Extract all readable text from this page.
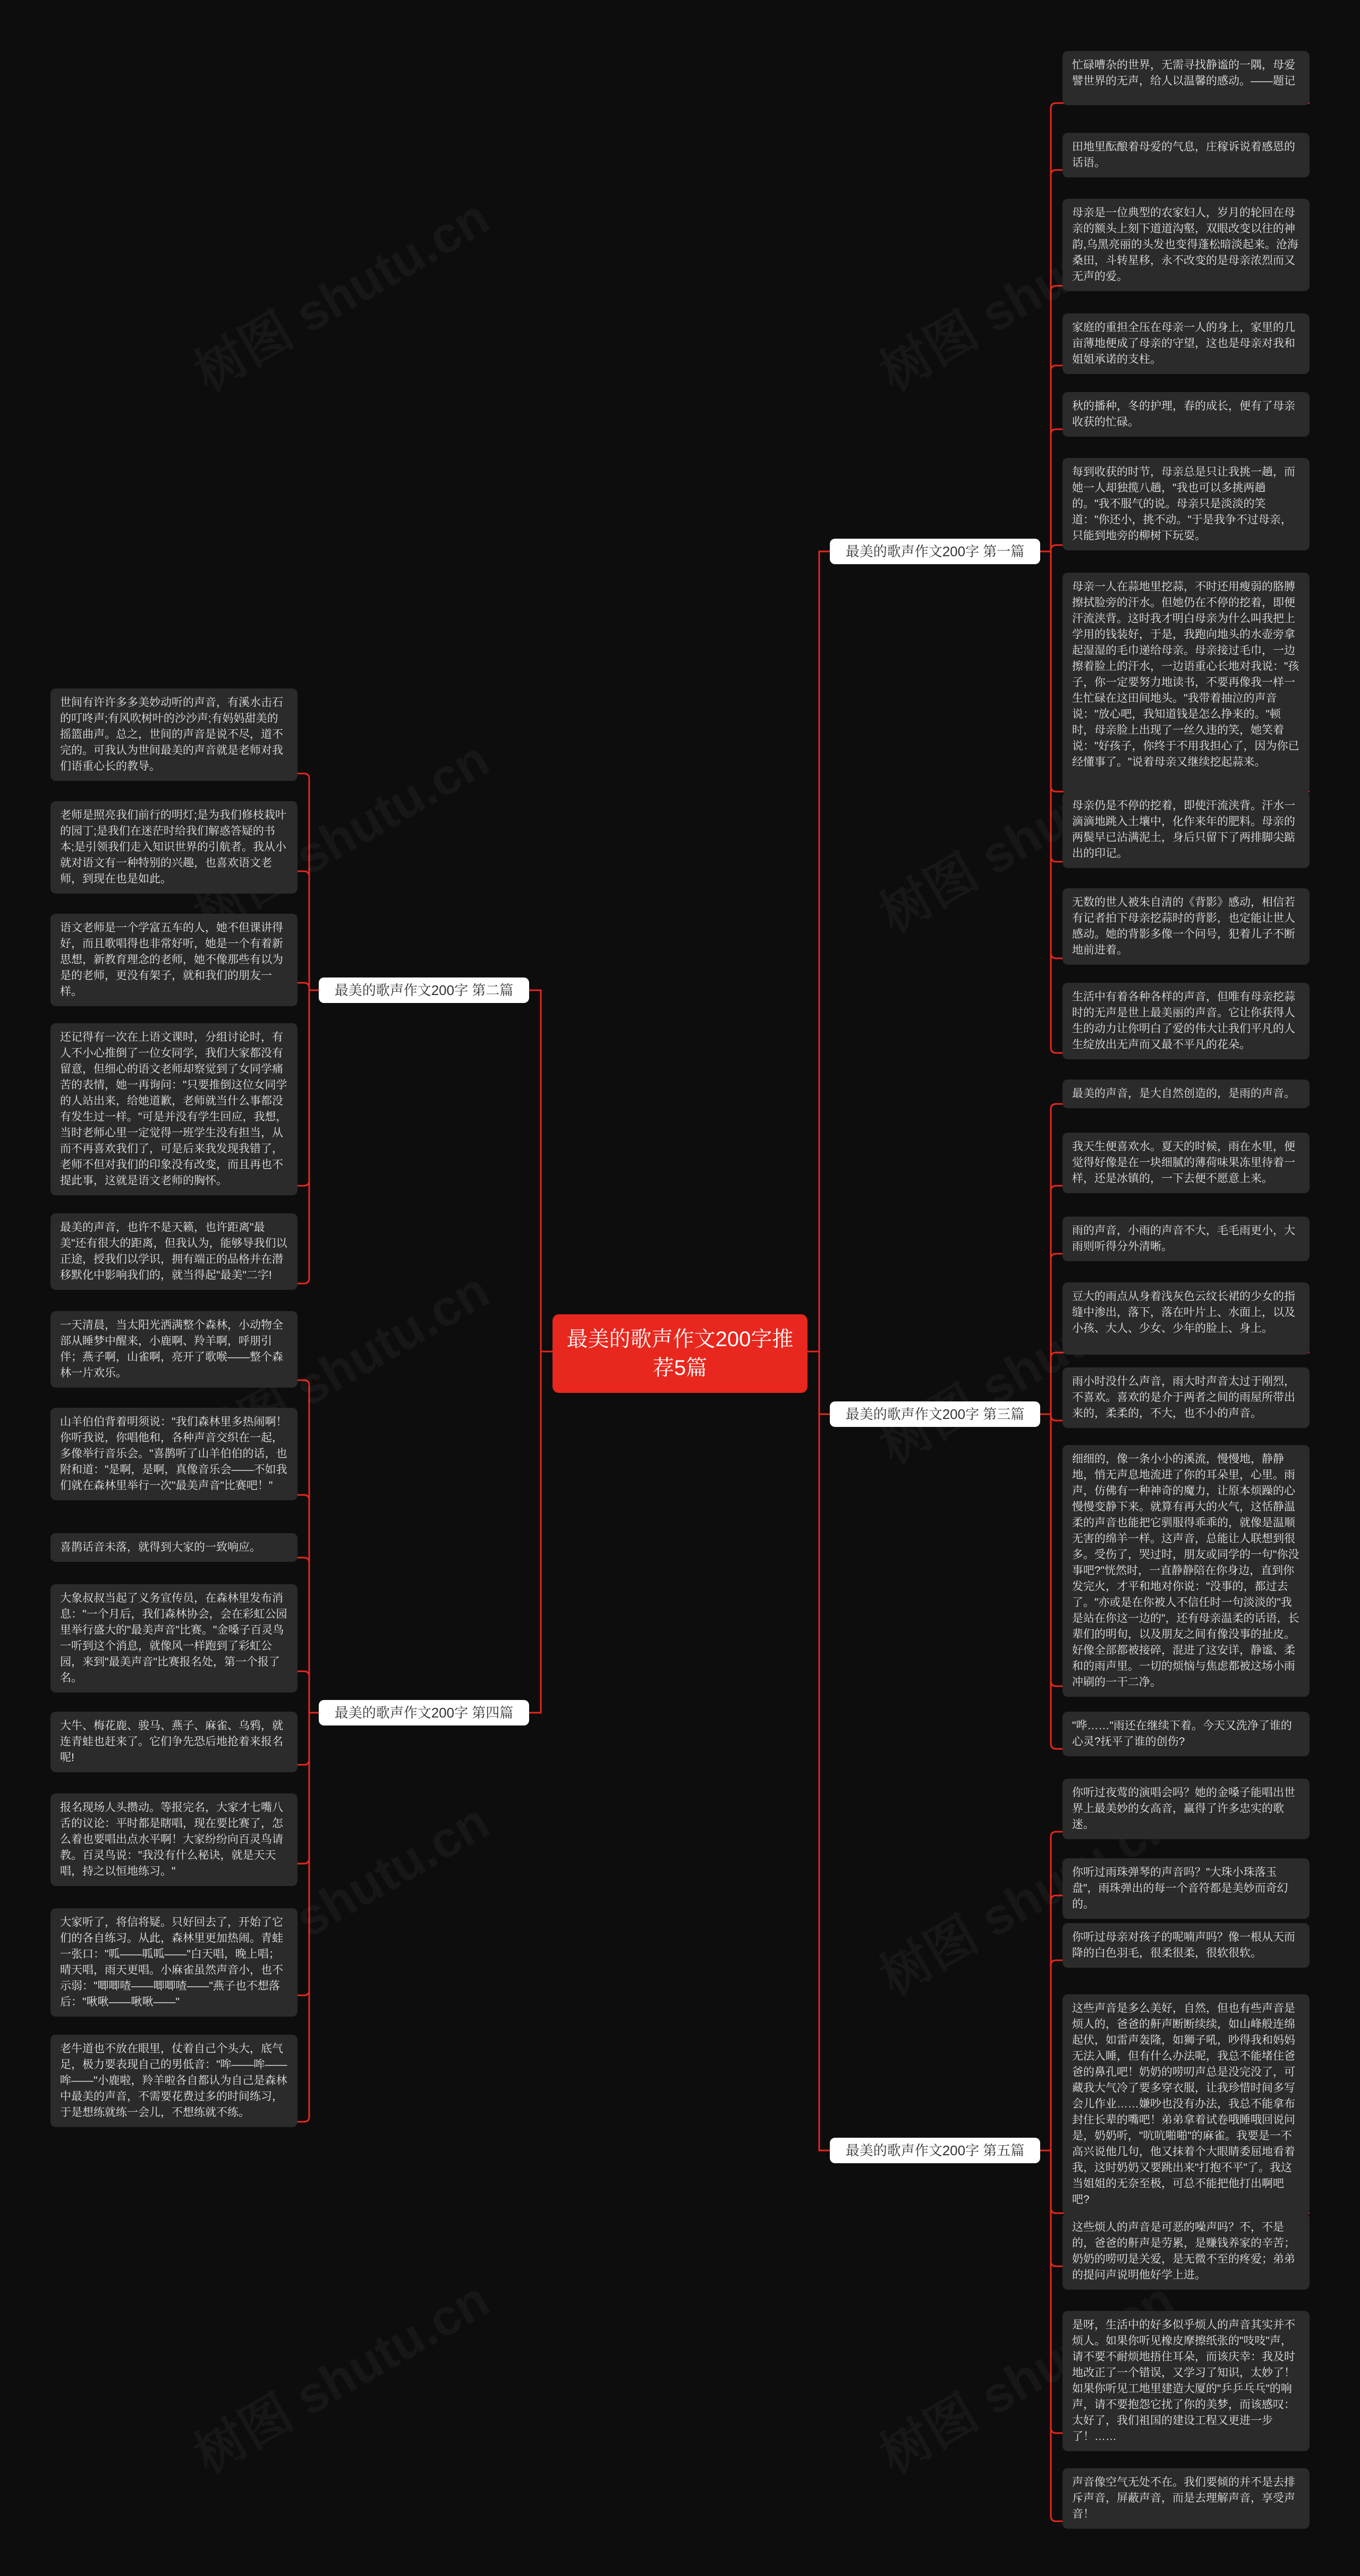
最美的歌声作文200字推荐5篇
最美的歌声作文200字 第一篇
忙碌嘈杂的世界，无需寻找静谧的一隅，母爱譬世界的无声，给人以温馨的感动。——题记
田地里酝酿着母爱的气息，庄稼诉说着感恩的话语。
母亲是一位典型的农家妇人，岁月的轮回在母亲的额头上刻下道道沟壑，双眼改变以往的神韵,乌黑亮丽的头发也变得蓬松暗淡起来。沧海桑田，斗转星移，永不改变的是母亲浓烈而又无声的爱。
家庭的重担全压在母亲一人的身上，家里的几亩薄地便成了母亲的守望，这也是母亲对我和姐姐承诺的支柱。
秋的播种，冬的护理，春的成长，便有了母亲收获的忙碌。
每到收获的时节，母亲总是只让我挑一趟，而她一人却独揽八趟，"我也可以多挑两趟的。"我不服气的说。母亲只是淡淡的笑道："你还小，挑不动。"于是我争不过母亲，只能到地旁的柳树下玩耍。
母亲一人在蒜地里挖蒜，不时还用瘦弱的胳膊擦拭脸旁的汗水。但她仍在不停的挖着，即便汗流浃背。这时我才明白母亲为什么叫我把上学用的钱装好，于是，我跑向地头的水壶旁拿起湿湿的毛巾递给母亲。母亲接过毛巾，一边擦着脸上的汗水，一边语重心长地对我说："孩子，你一定要努力地读书，不要再像我一样一生忙碌在这田间地头。"我带着抽泣的声音说："放心吧，我知道钱是怎么挣来的。"顿时，母亲脸上出现了一丝久违的笑，她笑着说："好孩子，你终于不用我担心了，因为你已经懂事了。"说着母亲又继续挖起蒜来。
母亲仍是不停的挖着，即使汗流浃背。汗水一滴滴地跳入土壤中，化作来年的肥料。母亲的两鬓早已沾满泥土，身后只留下了两排脚尖踮出的印记。
无数的世人被朱自清的《背影》感动，相信若有记者拍下母亲挖蒜时的背影，也定能让世人感动。她的背影多像一个问号，犯着儿子不断地前进着。
生活中有着各种各样的声音，但唯有母亲挖蒜时的无声是世上最美丽的声音。它让你获得人生的动力让你明白了爱的伟大让我们平凡的人生绽放出无声而又最不平凡的花朵。
最美的歌声作文200字 第二篇
世间有许许多多美妙动听的声音，有溪水击石的叮咚声;有风吹树叶的沙沙声;有妈妈甜美的摇篮曲声。总之，世间的声音是说不尽，道不完的。可我认为世间最美的声音就是老师对我们语重心长的教导。
老师是照亮我们前行的明灯;是为我们修枝栽叶的园丁;是我们在迷茫时给我们解惑答疑的书本;是引领我们走入知识世界的引航者。我从小就对语文有一种特别的兴趣，也喜欢语文老师，到现在也是如此。
语文老师是一个学富五车的人，她不但课讲得好，而且歌唱得也非常好听，她是一个有着新思想，新教育理念的老师，她不像那些有以为是的老师，更没有架子，就和我们的朋友一样。
还记得有一次在上语文课时，分组讨论时，有人不小心推倒了一位女同学，我们大家都没有留意，但细心的语文老师却察觉到了女同学痛苦的表情，她一再询问："只要推倒这位女同学的人站出来，给她道歉，老师就当什么事都没有发生过一样。"可是并没有学生回应，我想，当时老师心里一定觉得一班学生没有担当，从而不再喜欢我们了，可是后来我发现我错了，老师不但对我们的印象没有改变，而且再也不提此事，这就是语文老师的胸怀。
最美的声音，也许不是天籁，也许距离"最美"还有很大的距离，但我认为，能够导我们以正途，授我们以学识，拥有端正的品格并在潜移默化中影响我们的，就当得起"最美"二字!
最美的歌声作文200字 第三篇
最美的声音，是大自然创造的，是雨的声音。
我天生便喜欢水。夏天的时候，雨在水里，便觉得好像是在一块细腻的薄荷味果冻里待着一样，还是冰镇的，一下去便不愿意上来。
雨的声音，小雨的声音不大，毛毛雨更小，大雨则听得分外清晰。
豆大的雨点从身着浅灰色云纹长裙的少女的指缝中渗出，落下，落在叶片上、水面上，以及小孩、大人、少女、少年的脸上、身上。
雨小时没什么声音，雨大时声音太过于刚烈，不喜欢。喜欢的是介于两者之间的雨屋所带出来的，柔柔的，不大，也不小的声音。
细细的，像一条小小的溪流，慢慢地，静静地，悄无声息地流进了你的耳朵里，心里。雨声，仿佛有一种神奇的魔力，让原本烦躁的心慢慢变静下来。就算有再大的火气，这恬静温柔的声音也能把它驯服得乖乖的，就像是温顺无害的绵羊一样。这声音，总能让人联想到很多。受伤了，哭过时，朋友或同学的一句"你没事吧?"恍然时，一直静静陪在你身边，直到你发完火，才平和地对你说："没事的，都过去了。"亦或是在你被人不信任时一句淡淡的"我是站在你这一边的"，还有母亲温柔的话语，长辈们的明旬，以及朋友之间有像没事的扯皮。好像全部都被接碎，混进了这安详，静谧、柔和的雨声里。一切的烦恼与焦虑都被这场小雨冲刷的一干二净。
"哗……"雨还在继续下着。今天又洗净了谁的心灵?抚平了谁的创伤?
最美的歌声作文200字 第四篇
一天清晨，当太阳光洒满整个森林，小动物全部从睡梦中醒来，小鹿啊、羚羊啊，呼朋引伴；燕子啊，山雀啊，亮开了歌喉——整个森林一片欢乐。
山羊伯伯背着明须说："我们森林里多热闹啊！你听我说，你唱他和，各种声音交织在一起，多像举行音乐会。"喜鹊听了山羊伯伯的话，也附和道："是啊，是啊，真像音乐会——不如我们就在森林里举行一次"最美声音"比赛吧！"
喜鹊话音未落，就得到大家的一致响应。
大象叔叔当起了义务宣传员，在森林里发布消息："一个月后，我们森林协会，会在彩虹公园里举行盛大的"最美声音"比赛。"金嗓子百灵鸟一听到这个消息，就像风一样跑到了彩虹公园，来到"最美声音"比赛报名处，第一个报了名。
大牛、梅花鹿、骏马、燕子、麻雀、乌鸦，就连青蛙也赶来了。它们争先恐后地抢着来报名呢!
报名现场人头攒动。等报完名，大家才七嘴八舌的议论：平时都是瞎唱，现在要比赛了，怎么着也要唱出点水平啊！大家纷纷向百灵鸟请教。百灵鸟说："我没有什么秘诀，就是天天唱，持之以恒地练习。"
大家听了，将信将疑。只好回去了，开始了它们的各自练习。从此，森林里更加热闹。青蛙一张口："呱——呱呱——"白天唱，晚上唱；晴天唱，雨天更唱。小麻雀虽然声音小，也不示弱："唧唧喳——唧唧喳——"燕子也不想落后："啾啾——啾啾——"
老牛道也不放在眼里，仗着自己个头大，底气足，极力要表现自己的男低音："哞——哞——哞——"小鹿啦，羚羊啦各自都认为自己是森林中最美的声音，不需要花费过多的时间练习，于是想练就练一会儿，不想练就不练。
最美的歌声作文200字 第五篇
你听过夜莺的演唱会吗？她的金嗓子能唱出世界上最美妙的女高音，赢得了许多忠实的歌迷。
你听过雨珠弹琴的声音吗？"大珠小珠落玉盘"，雨珠弹出的每一个音符都是美妙而奇幻的。
你听过母亲对孩子的呢喃声吗？像一根从天而降的白色羽毛，很柔很柔，很软很软。
这些声音是多么美好，自然，但也有些声音是烦人的，爸爸的鼾声断断续续，如山峰般连绵起伏，如雷声轰隆，如狮子吼，吵得我和妈妈无法入睡，但有什么办法呢，我总不能堵住爸爸的鼻孔吧！奶奶的唠叨声总是没完没了，可藏我大气冷了要多穿衣服，让我珍惜时间多写会儿作业……嫌吵也没有办法，我总不能拿布封住长辈的嘴吧！弟弟拿着试卷哦睡哦回说问是，奶奶听，"吭吭啪啪"的麻雀。我要是一不高兴说他几句，他又抹着个大眼睛委屈地看着我，这时奶奶又要跳出来"打抱不平"了。我这当姐姐的无奈至极，可总不能把他打出啊吧吧?
这些烦人的声音是可恶的噪声吗？不，不是的，爸爸的鼾声是劳累，是赚钱养家的辛苦；奶奶的唠叨是关爱，是无微不至的疼爱；弟弟的提问声说明他好学上进。
是呀，生活中的好多似乎烦人的声音其实并不烦人。如果你听见橡皮摩擦纸张的"吱吱"声，请不要不耐烦地捂住耳朵，而该庆幸：我及时地改正了一个错误，又学习了知识，太妙了！如果你听见工地里建造大厦的"乒乒乓乓"的响声，请不要抱怨它扰了你的美梦，而该感叹：太好了，我们祖国的建设工程又更进一步了！……
声音像空气无处不在。我们要倾的并不是去排斥声音，屏蔽声音，而是去理解声音，享受声音！
